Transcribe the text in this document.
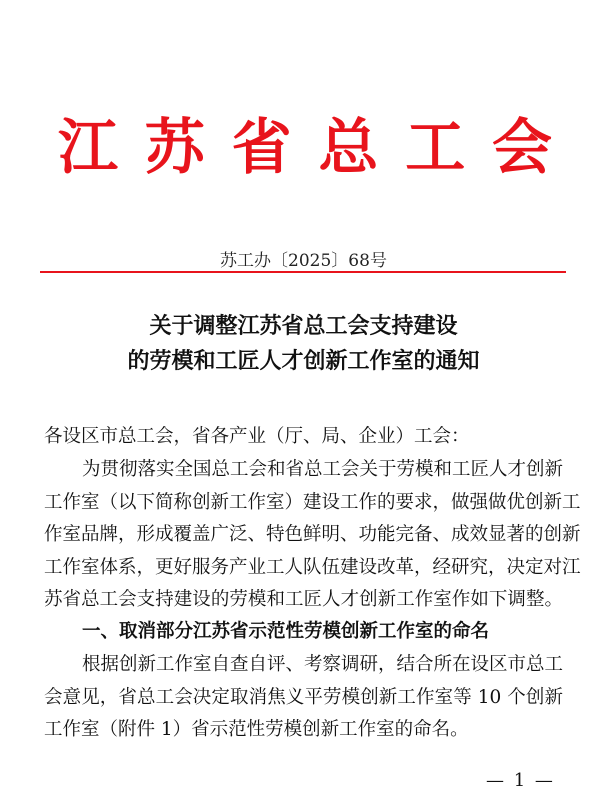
江 苏 省 总 工 会
苏工办〔2025〕68号
关于调整江苏省总工会支持建设
的劳模和工匠人才创新工作室的通知
各设区市总工会，省各产业（厅、局、企业）工会：
为贯彻落实全国总工会和省总工会关于劳模和工匠人才创新
工作室（以下简称创新工作室）建设工作的要求，做强做优创新工
作室品牌，形成覆盖广泛、特色鲜明、功能完备、成效显著的创新
工作室体系，更好服务产业工人队伍建设改革，经研究，决定对江
苏省总工会支持建设的劳模和工匠人才创新工作室作如下调整。
一、取消部分江苏省示范性劳模创新工作室的命名
根据创新工作室自查自评、考察调研，结合所在设区市总工
会意见，省总工会决定取消焦义平劳模创新工作室等 10 个创新
工作室（附件 1）省示范性劳模创新工作室的命名。
— 1 —
